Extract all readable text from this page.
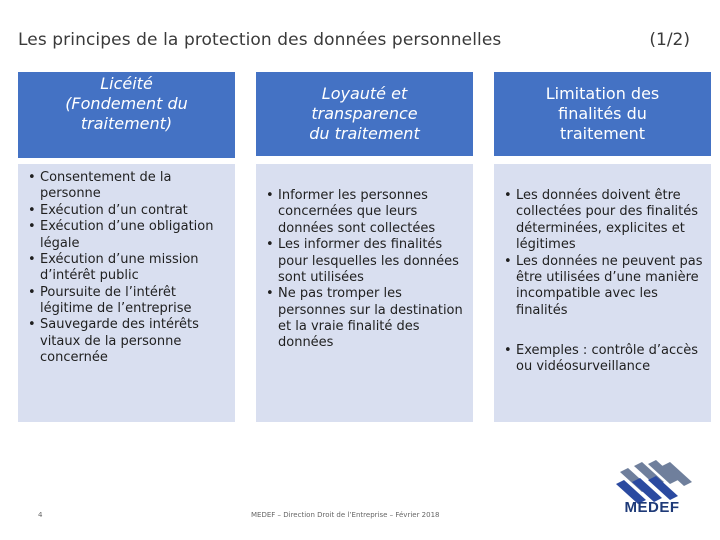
Les principes de la protection des données personnelles	(1/2)
Licéité
(Fondement du
traitement)
• Consentement de la personne
• Exécution d’un contrat
• Exécution d’une obligation légale
• Exécution d’une mission d’intérêt public
• Poursuite de l’intérêt légitime de l’entreprise
• Sauvegarde des intérêts vitaux de la personne concernée
Loyauté et
transparence
du traitement
• Informer les personnes concernées que leurs données sont collectées
• Les informer des finalités pour lesquelles les données sont utilisées
• Ne pas tromper les personnes sur la destination et la vraie finalité des données
Limitation des
finalités du
traitement
• Les données doivent être collectées pour des finalités déterminées, explicites et légitimes
• Les données ne peuvent pas être utilisées d’une manière incompatible avec les finalités
• Exemples : contrôle d’accès ou vidéosurveillance
4	MEDEF – Direction Droit de l’Entreprise – Février 2018	MEDEF
